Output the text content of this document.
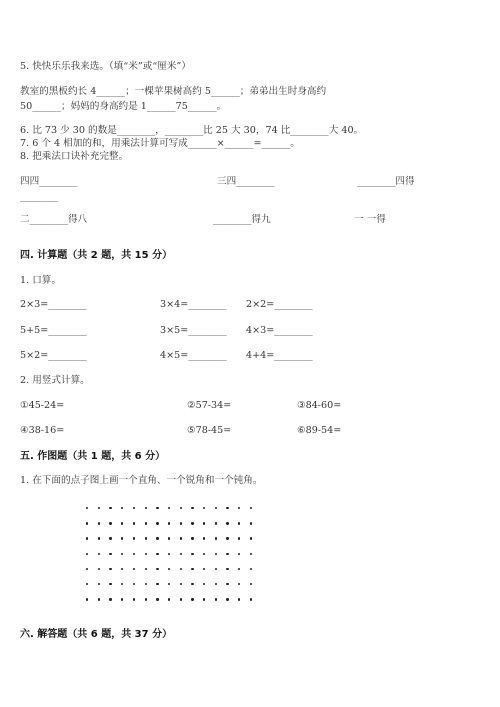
5. 快快乐乐我来选。（填“米”或“厘米”）
教室的黑板约长 4______；一棵苹果树高约 5______；弟弟出生时身高约
50______；妈妈的身高约是 1______75______。
6. 比 73 少 30 的数是________，________比 25 大 30，74 比________大 40。
7. 6 个 4 相加的和，用乘法计算可写成______×______=______。
8. 把乘法口诀补充完整。
四四________	三四________	________四得
________
二________得八	________得九	一 一得
四. 计算题（共 2 题，共 15 分）
1. 口算。
2×3=________	3×4=________ 2×2=________
5+5=________	3×5=________ 4×3=________
5×2=________	4×5=________ 4+4=________
2. 用竖式计算。
①45-24=	②57-34=	③84-60=
④38-16=	⑤78-45=	⑥89-54=
五. 作图题（共 1 题，共 6 分）
1. 在下面的点子图上画一个直角、一个锐角和一个钝角。
六. 解答题（共 6 题，共 37 分）
